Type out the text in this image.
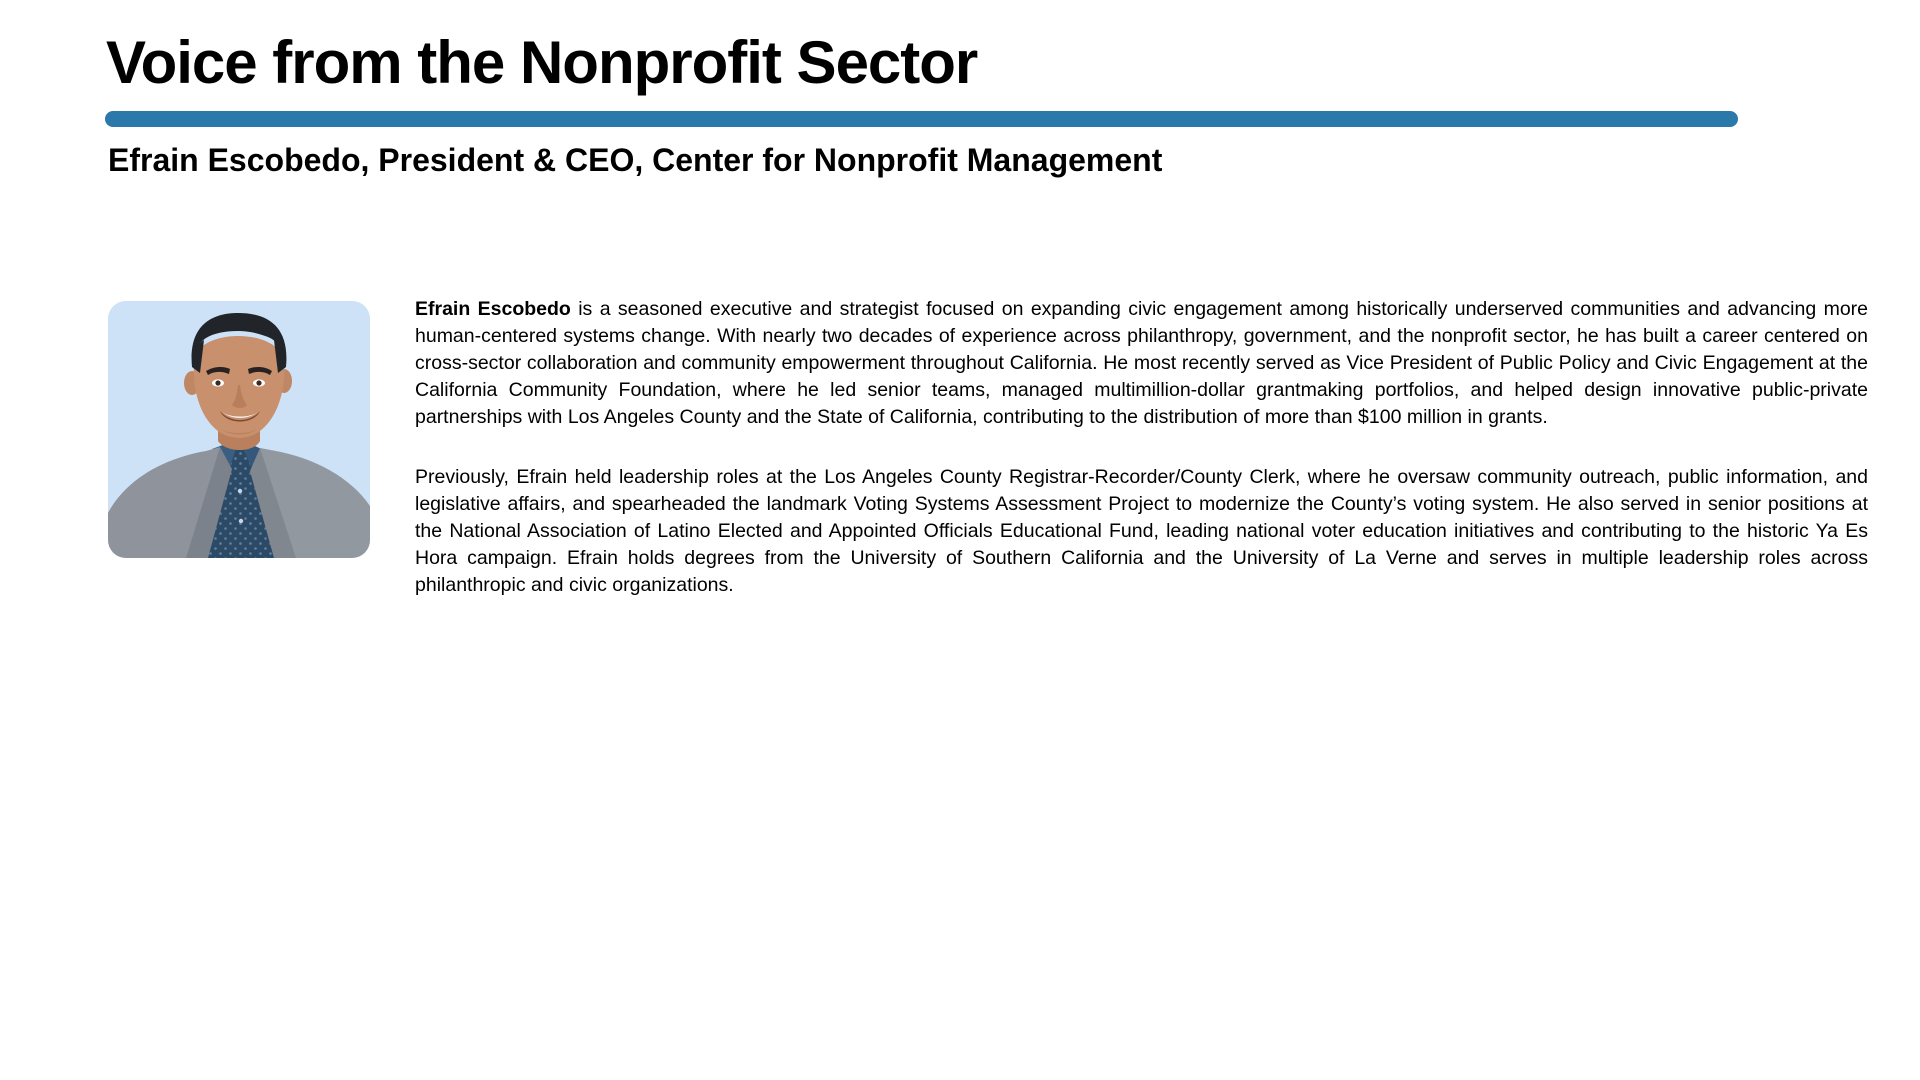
Voice from the Nonprofit Sector
Efrain Escobedo, President & CEO, Center for Nonprofit Management

Efrain Escobedo is a seasoned executive and strategist focused on expanding civic engagement among historically underserved communities and advancing more human-centered systems change. With nearly two decades of experience across philanthropy, government, and the nonprofit sector, he has built a career centered on cross-sector collaboration and community empowerment throughout California. He most recently served as Vice President of Public Policy and Civic Engagement at the California Community Foundation, where he led senior teams, managed multimillion-dollar grantmaking portfolios, and helped design innovative public-private partnerships with Los Angeles County and the State of California, contributing to the distribution of more than $100 million in grants.

Previously, Efrain held leadership roles at the Los Angeles County Registrar-Recorder/County Clerk, where he oversaw community outreach, public information, and legislative affairs, and spearheaded the landmark Voting Systems Assessment Project to modernize the County’s voting system. He also served in senior positions at the National Association of Latino Elected and Appointed Officials Educational Fund, leading national voter education initiatives and contributing to the historic Ya Es Hora campaign. Efrain holds degrees from the University of Southern California and the University of La Verne and serves in multiple leadership roles across philanthropic and civic organizations.
